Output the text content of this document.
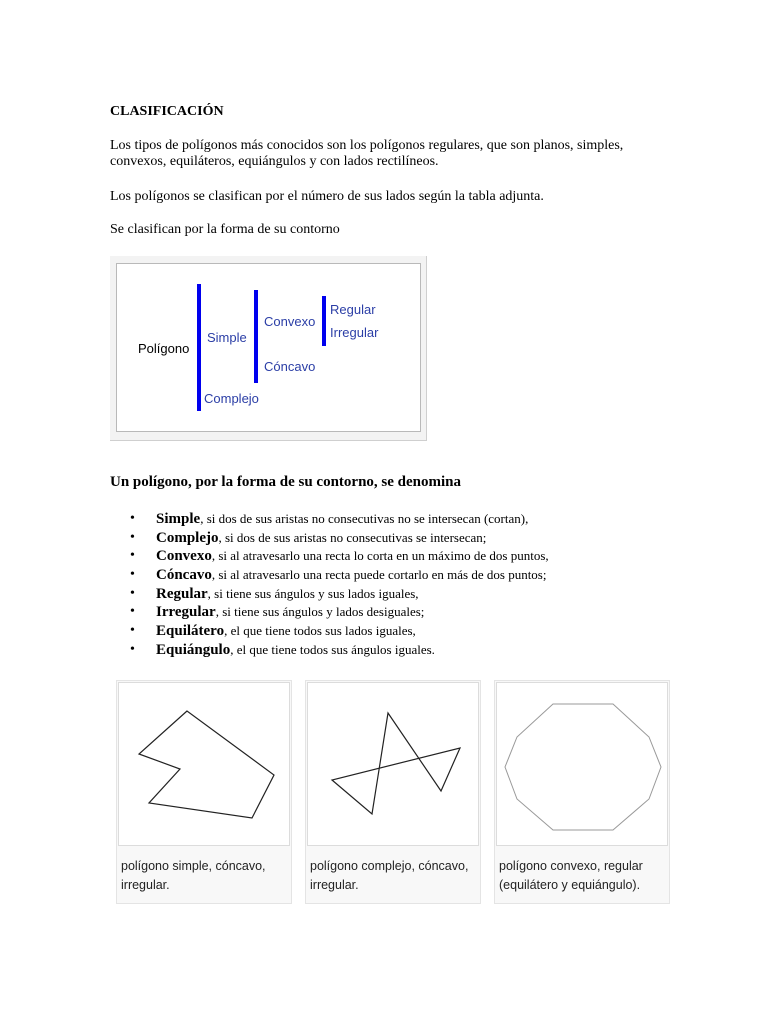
CLASIFICACIÓN

Los tipos de polígonos más conocidos son los polígonos regulares, que son planos, simples, convexos, equiláteros, equiángulos y con lados rectilíneos.

Los polígonos se clasifican por el número de sus lados según la tabla adjunta.

Se clasifican por la forma de su contorno

Polígono
Simple
Complejo
Convexo
Cóncavo
Regular
Irregular
Un polígono, por la forma de su contorno, se denomina
• Simple, si dos de sus aristas no consecutivas no se intersecan (cortan),
• Complejo, si dos de sus aristas no consecutivas se intersecan;
• Convexo, si al atravesarlo una recta lo corta en un máximo de dos puntos,
• Cóncavo, si al atravesarlo una recta puede cortarlo en más de dos puntos;
• Regular, si tiene sus ángulos y sus lados iguales,
• Irregular, si tiene sus ángulos y lados desiguales;
• Equilátero, el que tiene todos sus lados iguales,
• Equiángulo, el que tiene todos sus ángulos iguales.
polígono simple, cóncavo, irregular.
polígono complejo, cóncavo, irregular.
polígono convexo, regular (equilátero y equiángulo).
